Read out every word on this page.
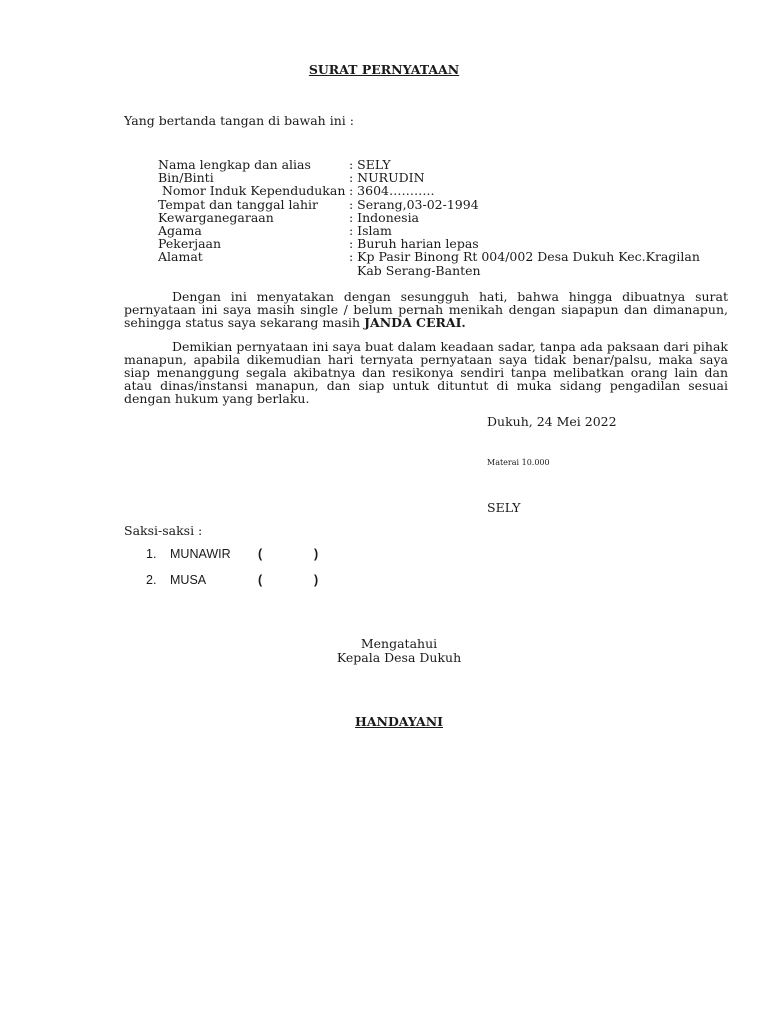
SURAT PERNYATAAN
Yang bertanda tangan di bawah ini :
Nama lengkap dan alias	: SELY
Bin/Binti	: NURUDIN
Nomor Induk Kependudukan : 3604………..
Tempat dan tanggal lahir	: Serang,03-02-1994
Kewarganegaraan	: Indonesia
Agama	: Islam
Pekerjaan	: Buruh harian lepas
Alamat	: Kp Pasir Binong Rt 004/002 Desa Dukuh Kec.Kragilan
Kab Serang-Banten

Dengan ini menyatakan dengan sesungguh hati, bahwa hingga dibuatnya surat pernyataan ini saya masih single / belum pernah menikah dengan siapapun dan dimanapun, sehingga status saya sekarang masih JANDA CERAI.

Demikian pernyataan ini saya buat dalam keadaan sadar, tanpa ada paksaan dari pihak manapun, apabila dikemudian hari ternyata pernyataan saya tidak benar/palsu, maka saya siap menanggung segala akibatnya dan resikonya sendiri tanpa melibatkan orang lain dan atau dinas/instansi manapun, dan siap untuk dituntut di muka sidang pengadilan sesuai dengan hukum yang berlaku.

Dukuh, 24 Mei 2022
Materai 10.000
SELY
Saksi-saksi :
1.	MUNAWIR	(	)
2.	MUSA	(	)
Mengatahui
Kepala Desa Dukuh
HANDAYANI
